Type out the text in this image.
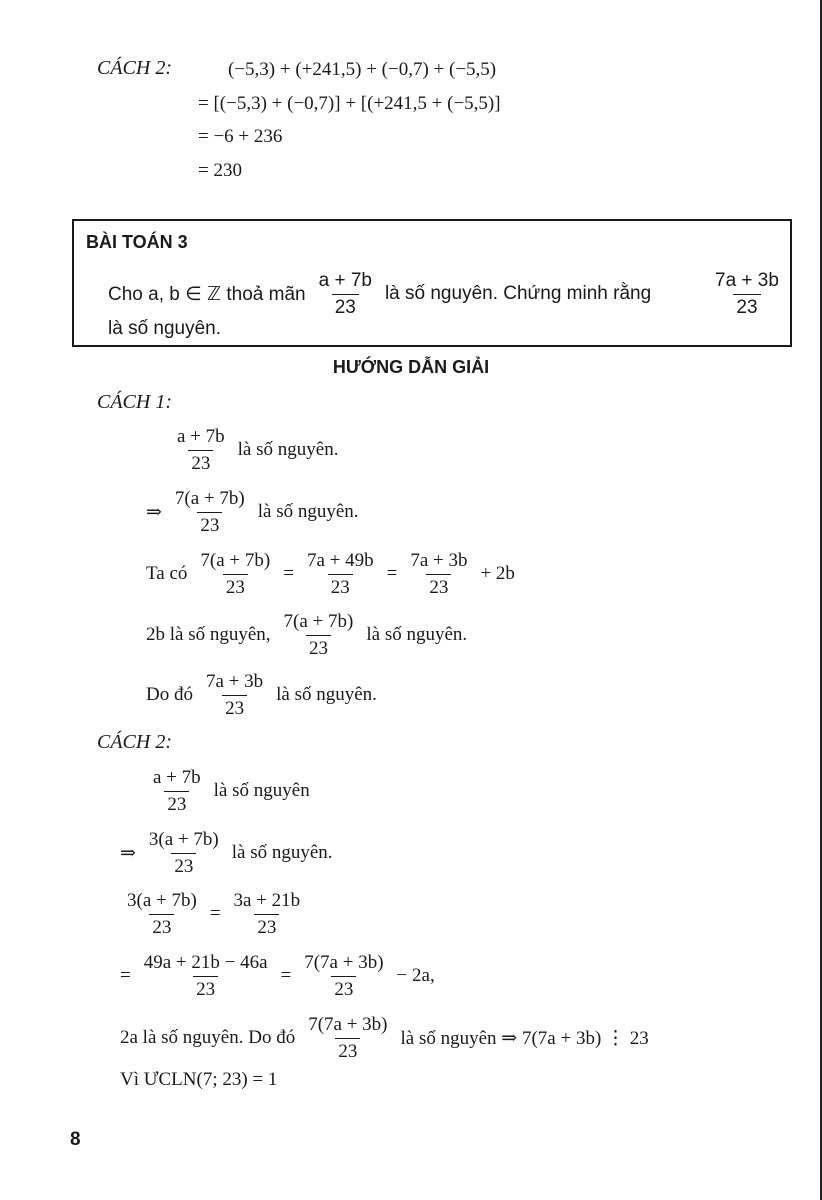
CÁCH 2:	(−5,3) + (+241,5) + (−0,7) + (−5,5)
= [(−5,3) + (−0,7)] + [(+241,5 + (−5,5)]
= −6 + 236
= 230
BÀI TOÁN 3
Cho a, b ∈ ℤ thoả mãn $\frac{a + 7b}{23}$ là số nguyên. Chứng minh rằng	$\frac{7a + 3b}{23}$
là số nguyên.
HƯỚNG DẪN GIẢI
CÁCH 1:
$\frac{a + 7b}{23}$ là số nguyên.
⇒ $\frac{7(a + 7b)}{23}$ là số nguyên.
Ta có $\frac{7(a + 7b)}{23} = \frac{7a + 49b}{23} = \frac{7a + 3b}{23} + 2b$
2b là số nguyên, $\frac{7(a + 7b)}{23}$ là số nguyên.
Do đó $\frac{7a + 3b}{23}$ là số nguyên.
CÁCH 2:
$\frac{a + 7b}{23}$ là số nguyên
⇒ $\frac{3(a + 7b)}{23}$ là số nguyên.
$\frac{3(a + 7b)}{23} = \frac{3a + 21b}{23}$
= $\frac{49a + 21b - 46a}{23} = \frac{7(7a + 3b)}{23} - 2a$,
2a là số nguyên. Do đó $\frac{7(7a + 3b)}{23}$ là số nguyên ⇒ 7(7a + 3b) ⋮ 23
Vì ƯCLN(7; 23) = 1
8
